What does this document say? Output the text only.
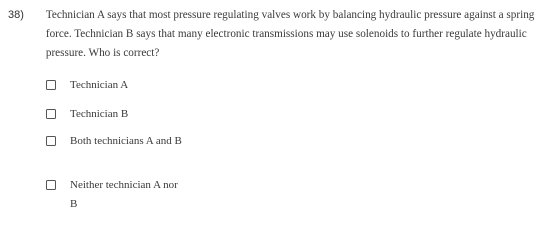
38)	Technician A says that most pressure regulating valves work by balancing hydraulic pressure against a spring force. Technician B says that many electronic transmissions may use solenoids to further regulate hydraulic pressure. Who is correct?
Technician A
Technician B
Both technicians A and B
Neither technician A nor B
